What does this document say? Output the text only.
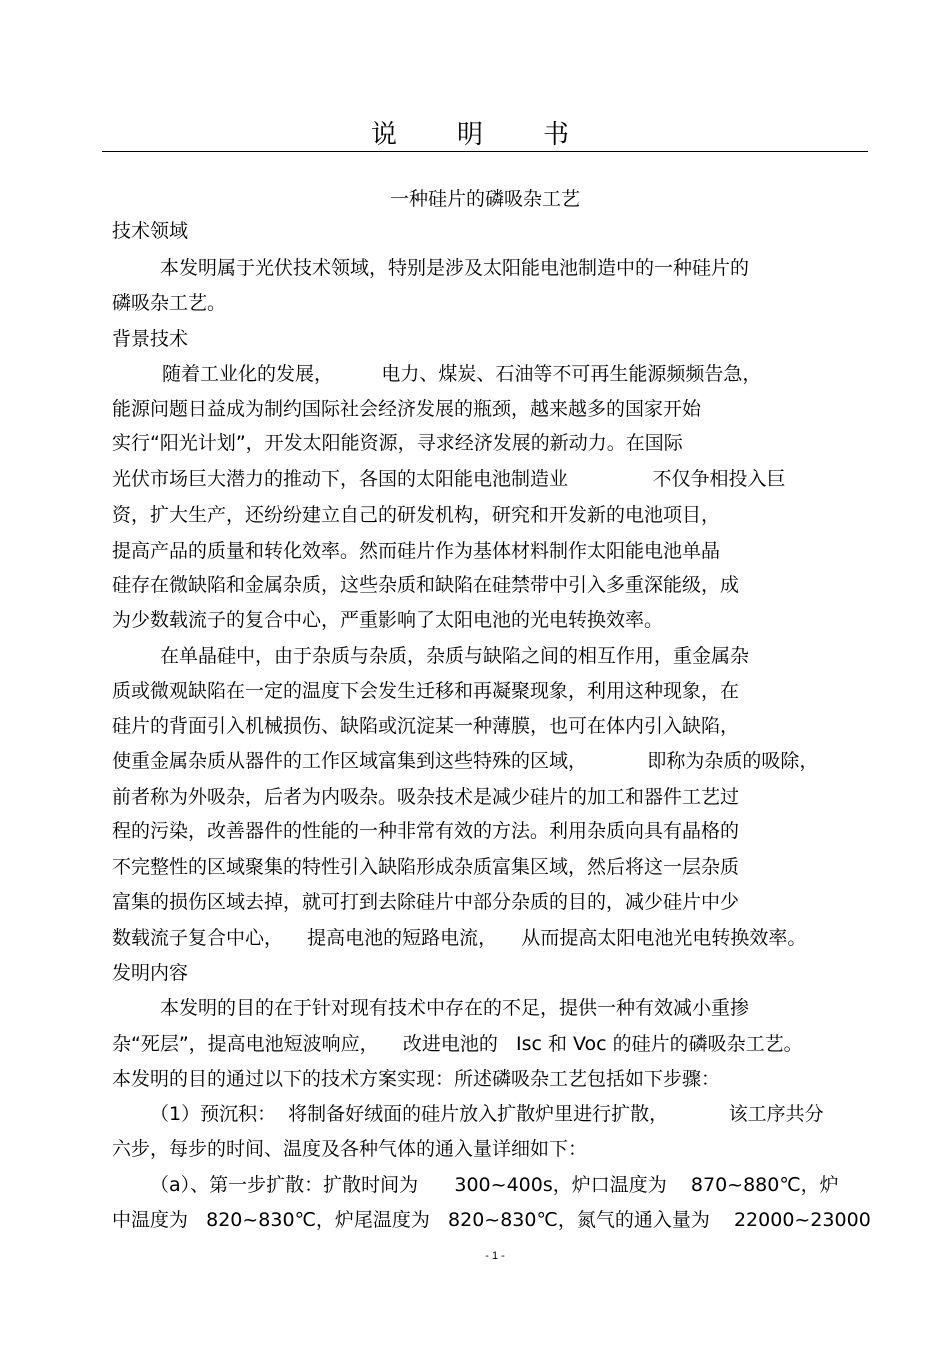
说明书
一种硅片的磷吸杂工艺
技术领域
本发明属于光伏技术领域，特别是涉及太阳能电池制造中的一种硅片的
磷吸杂工艺。
背景技术
随着工业化的发展，        电力、煤炭、石油等不可再生能源频频告急，
能源问题日益成为制约国际社会经济发展的瓶颈，越来越多的国家开始
实行“阳光计划”，开发太阳能资源，寻求经济发展的新动力。在国际
光伏市场巨大潜力的推动下，各国的太阳能电池制造业              不仅争相投入巨
资，扩大生产，还纷纷建立自己的研发机构，研究和开发新的电池项目，
提高产品的质量和转化效率。然而硅片作为基体材料制作太阳能电池单晶
硅存在微缺陷和金属杂质，这些杂质和缺陷在硅禁带中引入多重深能级，成
为少数载流子的复合中心，严重影响了太阳电池的光电转换效率。
在单晶硅中，由于杂质与杂质，杂质与缺陷之间的相互作用，重金属杂
质或微观缺陷在一定的温度下会发生迁移和再凝聚现象，利用这种现象，在
硅片的背面引入机械损伤、缺陷或沉淀某一种薄膜，也可在体内引入缺陷，
使重金属杂质从器件的工作区域富集到这些特殊的区域，          即称为杂质的吸除，
前者称为外吸杂，后者为内吸杂。吸杂技术是减少硅片的加工和器件工艺过
程的污染，改善器件的性能的一种非常有效的方法。利用杂质向具有晶格的
不完整性的区域聚集的特性引入缺陷形成杂质富集区域，然后将这一层杂质
富集的损伤区域去掉，就可打到去除硅片中部分杂质的目的，减少硅片中少
数载流子复合中心，    提高电池的短路电流，    从而提高太阳电池光电转换效率。
发明内容
本发明的目的在于针对现有技术中存在的不足，提供一种有效减小重掺
杂“死层”，提高电池短波响应，    改进电池的   Isc 和 Voc 的硅片的磷吸杂工艺。
本发明的目的通过以下的技术方案实现：所述磷吸杂工艺包括如下步骤：
（1）预沉积：  将制备好绒面的硅片放入扩散炉里进行扩散，          该工序共分
六步，每步的时间、温度及各种气体的通入量详细如下：
（a）、第一步扩散：扩散时间为      300~400s，炉口温度为    870~880℃，炉
中温度为   820~830℃，炉尾温度为   820~830℃，氮气的通入量为    22000~23000
- 1 -
